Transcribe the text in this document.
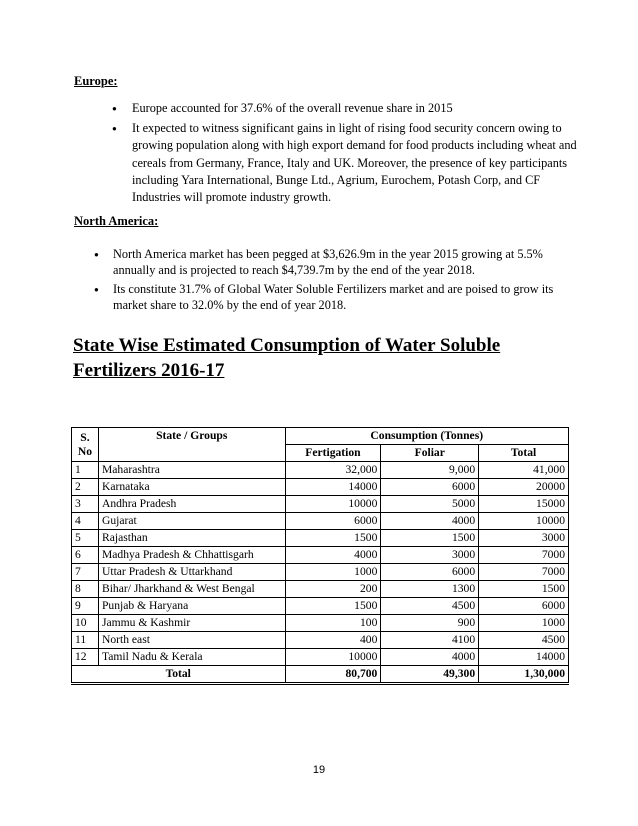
Europe:
● Europe accounted for 37.6% of the overall revenue share in 2015
● It expected to witness significant gains in light of rising food security concern owing to growing population along with high export demand for food products including wheat and cereals from Germany, France, Italy and UK. Moreover, the presence of key participants including Yara International, Bunge Ltd., Agrium, Eurochem, Potash Corp, and CF Industries will promote industry growth.
North America:
● North America market has been pegged at $3,626.9m in the year 2015 growing at 5.5% annually and is projected to reach $4,739.7m by the end of the year 2018.
● Its constitute 31.7% of Global Water Soluble Fertilizers market and are poised to grow its market share to 32.0% by the end of year 2018.
State Wise Estimated Consumption of Water Soluble Fertilizers 2016-17
S. No	State / Groups	Consumption (Tonnes)		
		Fertigation	Foliar	Total
1	Maharashtra	32,000	9,000	41,000
2	Karnataka	14000	6000	20000
3	Andhra Pradesh	10000	5000	15000
4	Gujarat	6000	4000	10000
5	Rajasthan	1500	1500	3000
6	Madhya Pradesh & Chhattisgarh	4000	3000	7000
7	Uttar Pradesh & Uttarkhand	1000	6000	7000
8	Bihar/ Jharkhand & West Bengal	200	1300	1500
9	Punjab & Haryana	1500	4500	6000
10	Jammu & Kashmir	100	900	1000
11	North east	400	4100	4500
12	Tamil Nadu & Kerala	10000	4000	14000
Total		80,700	49,300	1,30,000
19
